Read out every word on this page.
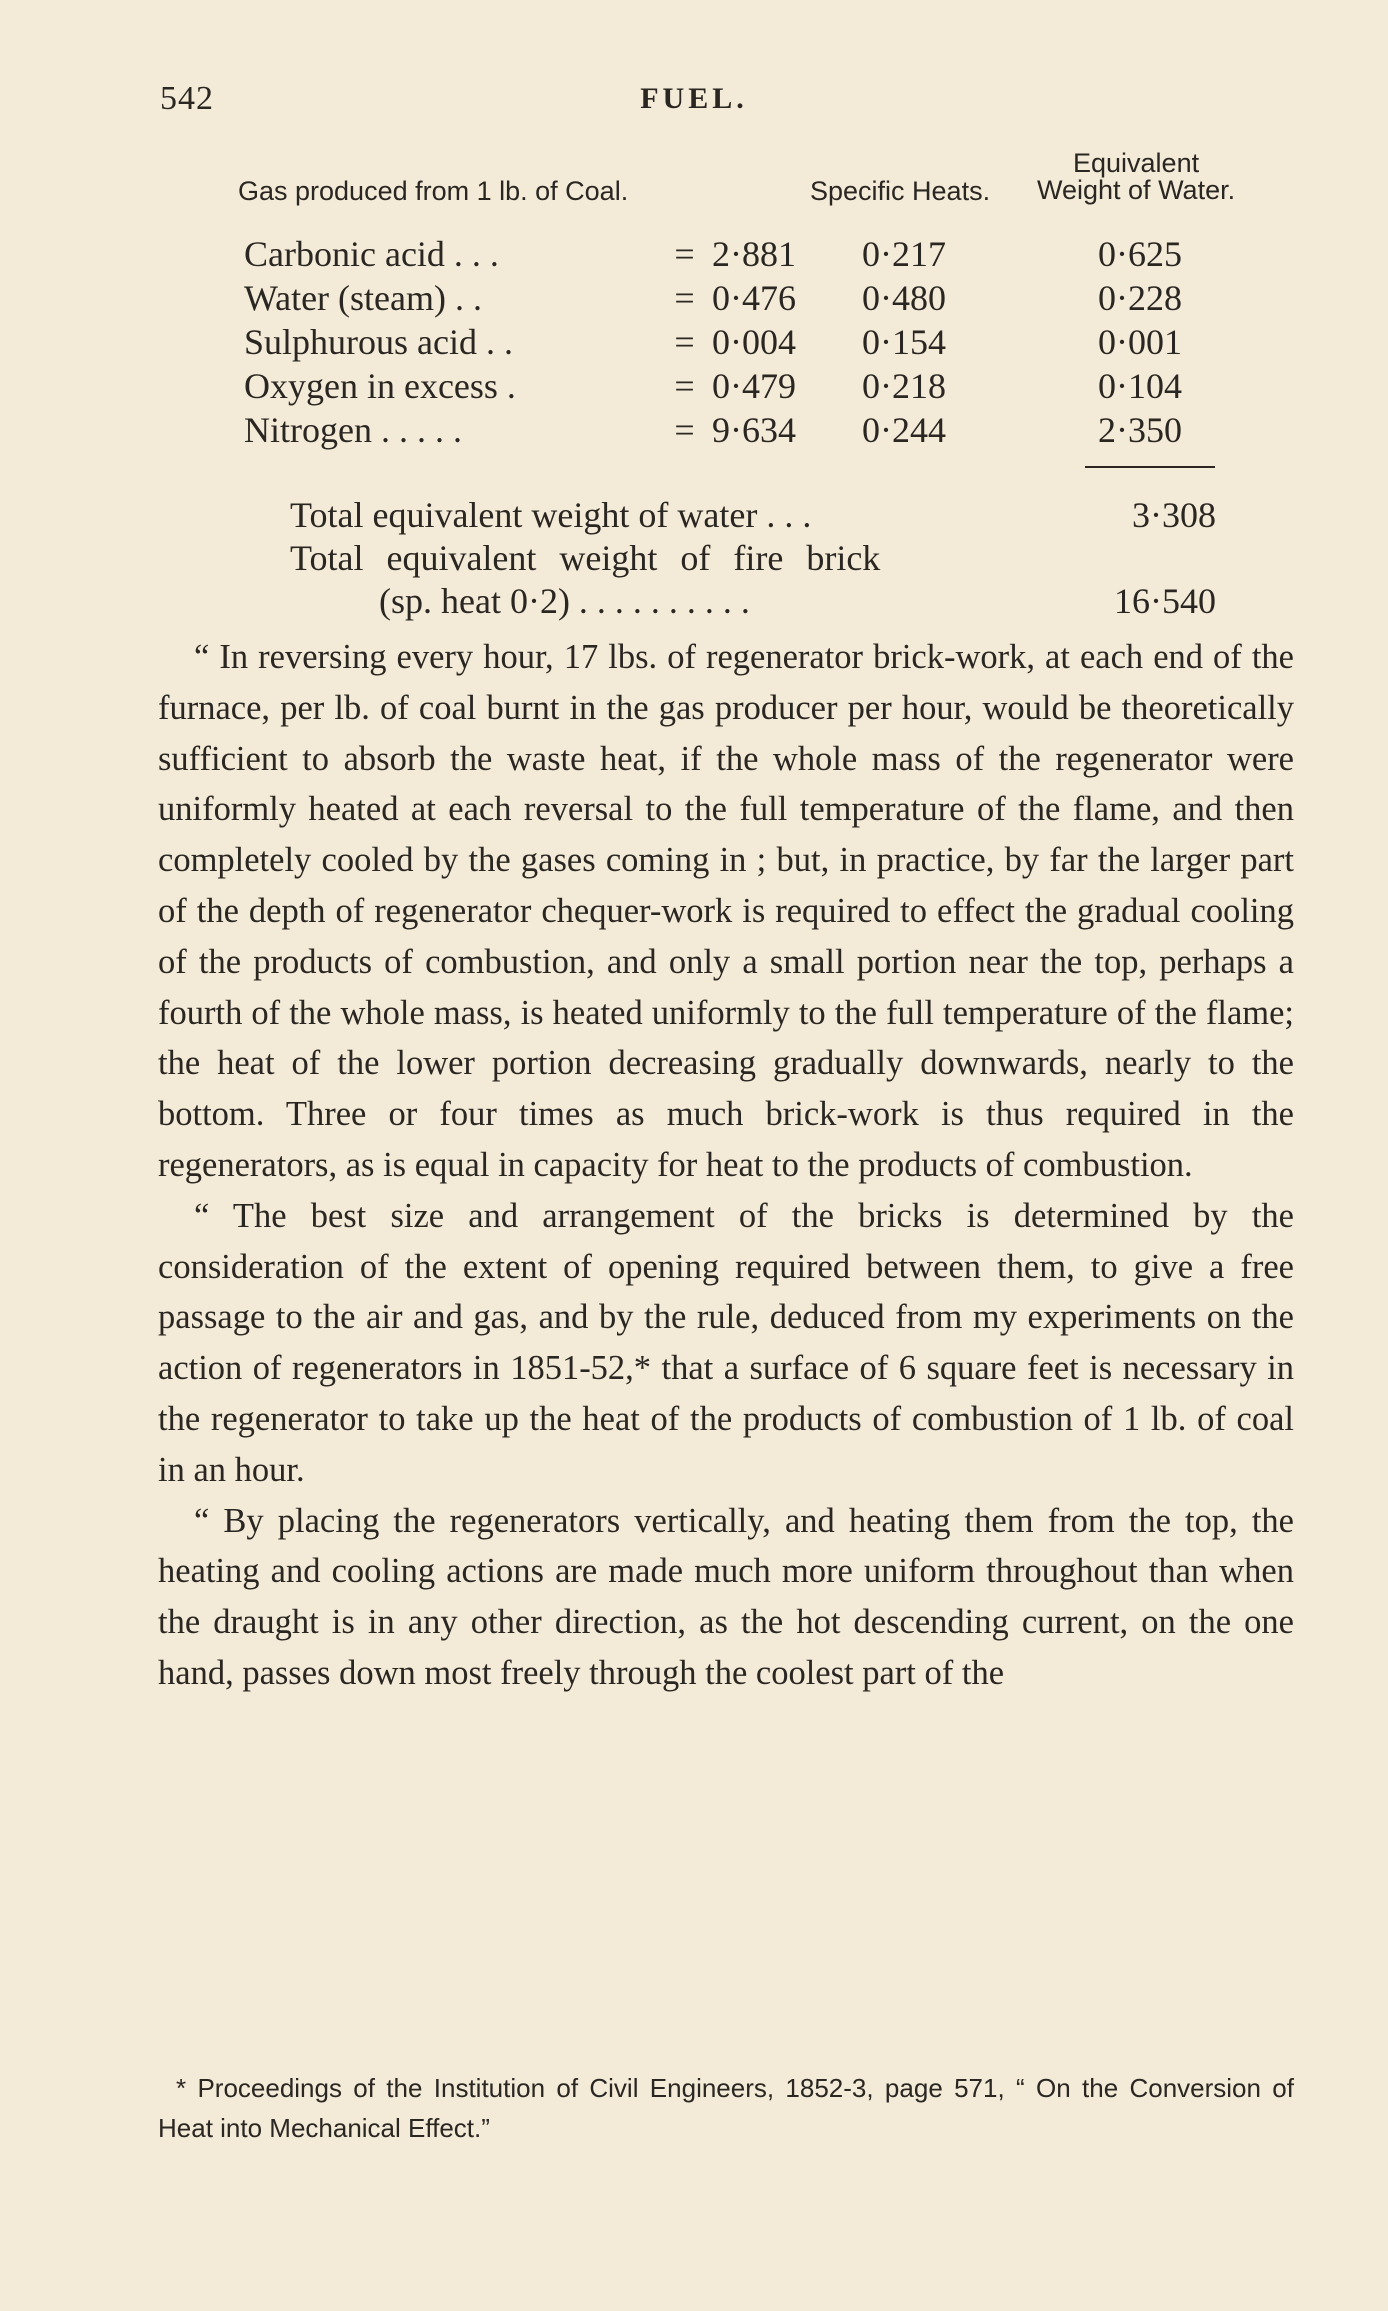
542	FUEL.
Gas produced from 1 lb. of Coal.	Specific Heats.
Equivalent
Weight of Water.
Carbonic acid . . .	=	2·881	0·217	0·625
Water (steam) . .	=	0·476	0·480	0·228
Sulphurous acid . .	=	0·004	0·154	0·001
Oxygen in excess .	=	0·479	0·218	0·104
Nitrogen . . . . .	=	9·634	0·244	2·350
Total equivalent weight of water . . .	3·308
Total equivalent weight of fire brick
(sp. heat 0·2) . . . . . . . . . .	16·540

“ In reversing every hour, 17 lbs. of regenerator brick-work, at each end of the furnace, per lb. of coal burnt in the gas producer per hour, would be theoretically sufficient to absorb the waste heat, if the whole mass of the regenerator were uniformly heated at each reversal to the full temperature of the flame, and then completely cooled by the gases coming in ; but, in practice, by far the larger part of the depth of regenerator chequer-work is required to effect the gradual cooling of the products of combustion, and only a small portion near the top, perhaps a fourth of the whole mass, is heated uniformly to the full temperature of the flame; the heat of the lower portion decreasing gradually downwards, nearly to the bottom. Three or four times as much brick-work is thus required in the regenerators, as is equal in capacity for heat to the products of combustion.

“ The best size and arrangement of the bricks is determined by the consideration of the extent of opening required between them, to give a free passage to the air and gas, and by the rule, deduced from my experiments on the action of regenerators in 1851-52,* that a surface of 6 square feet is necessary in the regenerator to take up the heat of the products of combustion of 1 lb. of coal in an hour.

“ By placing the regenerators vertically, and heating them from the top, the heating and cooling actions are made much more uniform throughout than when the draught is in any other direction, as the hot descending current, on the one hand, passes down most freely through the coolest part of the

* Proceedings of the Institution of Civil Engineers, 1852-3, page 571, “ On the Conversion of Heat into Mechanical Effect.”
